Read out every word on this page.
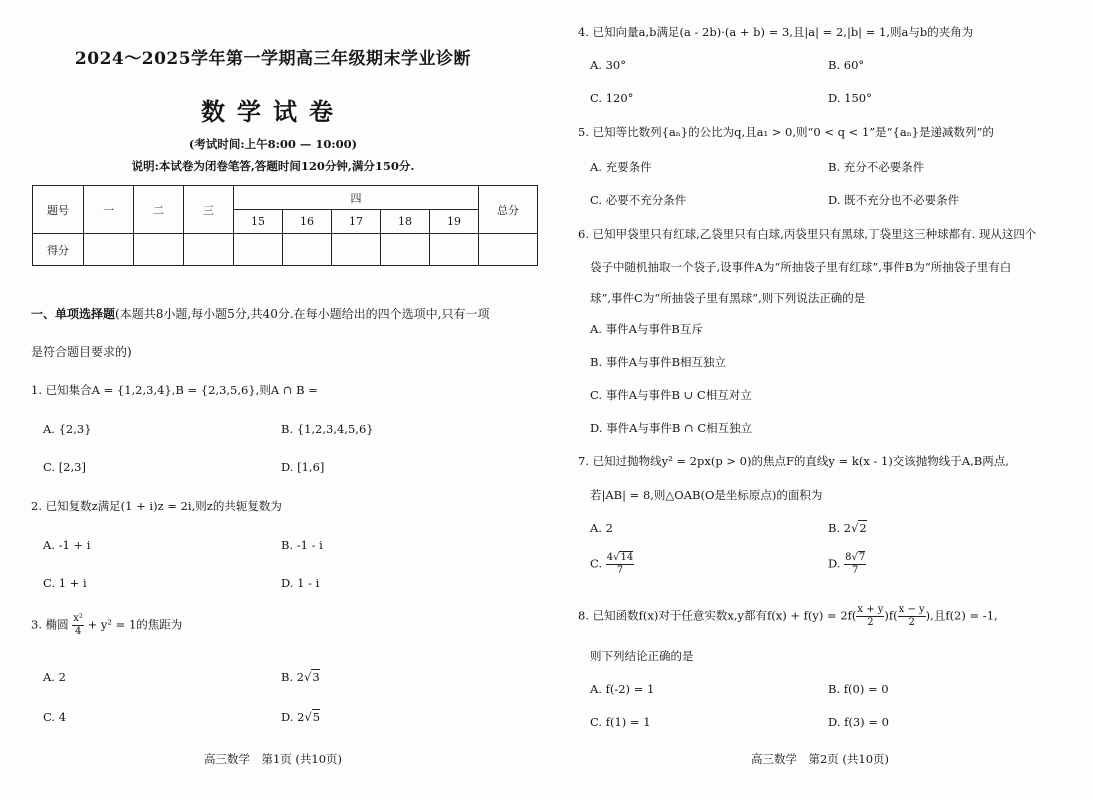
2024～2025学年第一学期高三年级期末学业诊断
数学试卷
(考试时间:上午8:00 — 10:00)
说明:本试卷为闭卷笔答,答题时间120分钟,满分150分.
题号	一	二	三	四					总分
				15	16	17	18	19	
得分									
一、单项选择题(本题共8小题,每小题5分,共40分.在每小题给出的四个选项中,只有一项
是符合题目要求的)
1. 已知集合A = {1,2,3,4},B = {2,3,5,6},则A ∩ B =
A. {2,3}	B. {1,2,3,4,5,6}
C. [2,3]	D. [1,6]
2. 已知复数z满足(1 + i)z = 2i,则z的共轭复数为
A. -1 + i	B. -1 - i
C. 1 + i	D. 1 - i
3. 椭圆 $\frac{\text{x²}}{4} + y^2 = 1$的焦距为
A. 2	B. 2√3
C. 4	D. 2√5
高三数学　第1页 (共10页)
4. 已知向量a,b满足(a - 2b)·(a + b) = 3,且|a| = 2,|b| = 1,则a与b的夹角为
A. 30°	B. 60°
C. 120°	D. 150°
5. 已知等比数列{aₙ}的公比为q,且a₁ > 0,则“0 < q < 1”是“{aₙ}是递减数列”的
A. 充要条件	B. 充分不必要条件
C. 必要不充分条件	D. 既不充分也不必要条件
6. 已知甲袋里只有红球,乙袋里只有白球,丙袋里只有黑球,丁袋里这三种球都有. 现从这四个
袋子中随机抽取一个袋子,设事件A为“所抽袋子里有红球”,事件B为“所抽袋子里有白
球”,事件C为“所抽袋子里有黑球”,则下列说法正确的是
A. 事件A与事件B互斥
B. 事件A与事件B相互独立
C. 事件A与事件B ∪ C相互对立
D. 事件A与事件B ∩ C相互独立
7. 已知过抛物线y² = 2px(p > 0)的焦点F的直线y = k(x - 1)交该抛物线于A,B两点,
若|AB| = 8,则△OAB(O是坐标原点)的面积为
A. 2	B. 2√2
C. $\frac{4√14}{7}$	D. $\frac{8√7}{7}$
8. 已知函数f(x)对于任意实数x,y都有$f(x) + f(y) = 2f( \frac{x + y}{2} )f( \frac{x - y}{2}$ ),且f(2) = -1,
则下列结论正确的是
A. f(-2) = 1	B. f(0) = 0
C. f(1) = 1	D. f(3) = 0
高三数学　第2页 (共10页)
